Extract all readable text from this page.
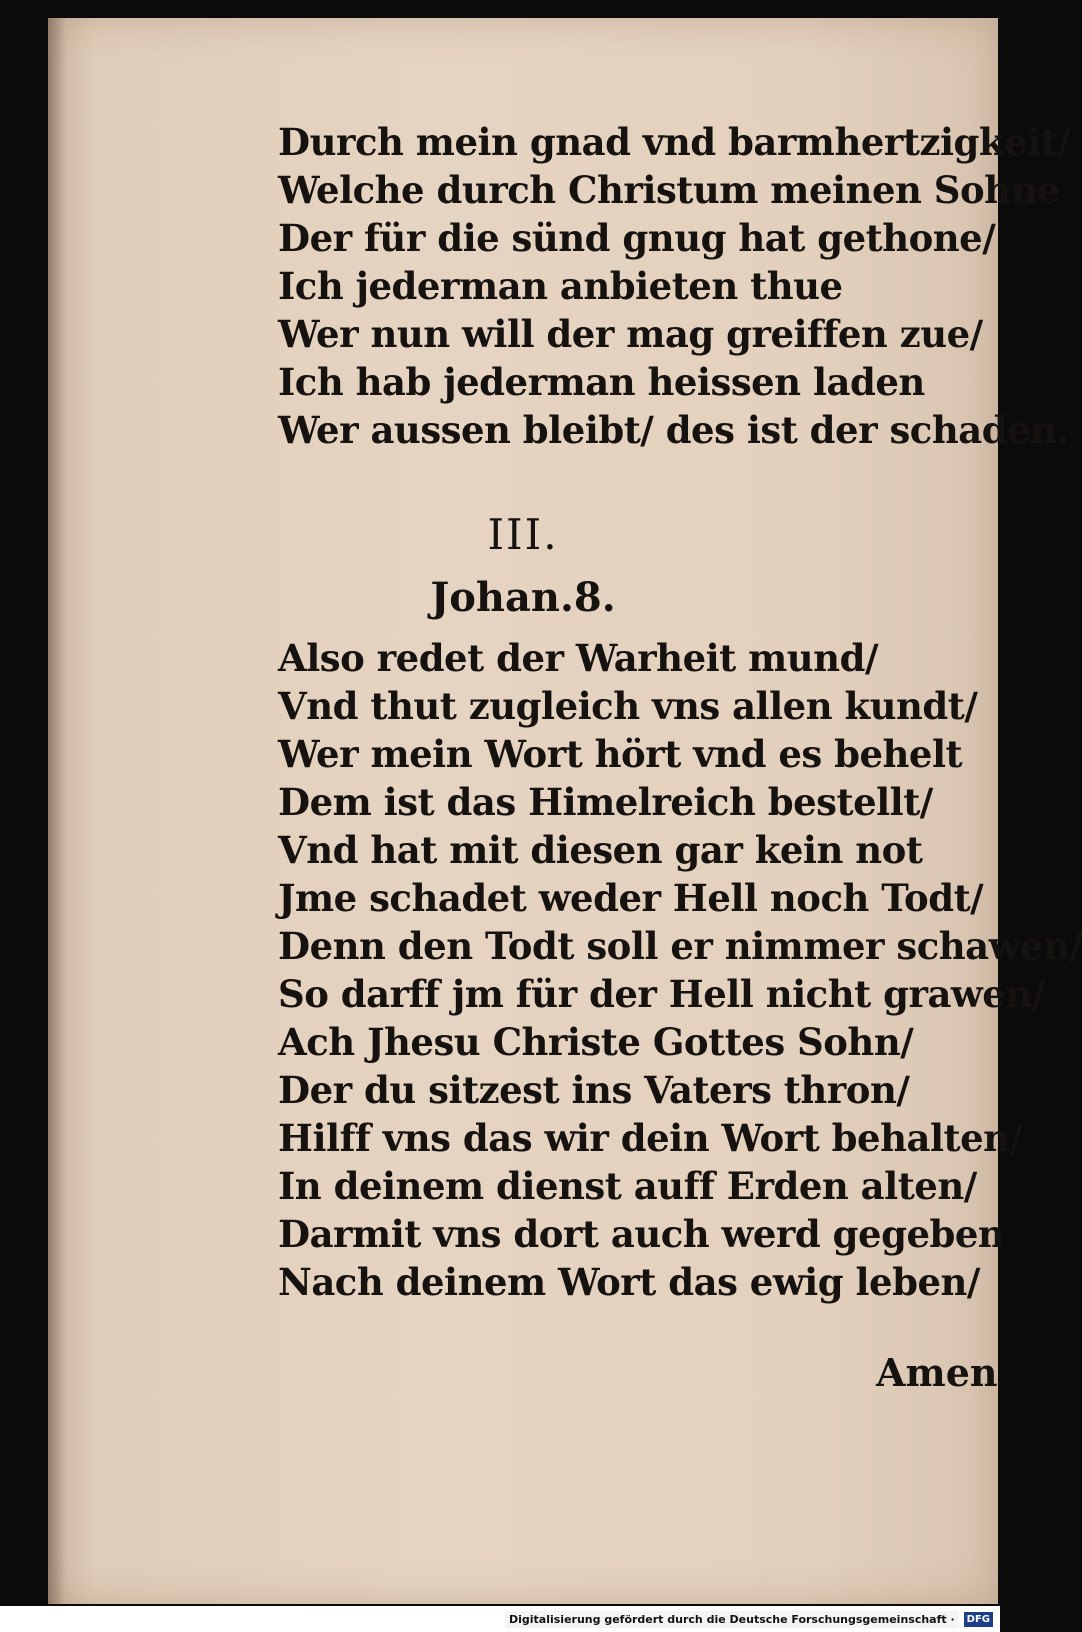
Durch mein gnad vnd barmhertzigkeit/
Welche durch Christum meinen Sohne
Der für die sünd gnug hat gethone/
Ich jederman anbieten thue
Wer nun will der mag greiffen zue/
Ich hab jederman heissen laden
Wer aussen bleibt/ des ist der schaden.
III.
Johan.8.
Also redet der Warheit mund/
Vnd thut zugleich vns allen kundt/
Wer mein Wort hört vnd es behelt
Dem ist das Himelreich bestellt/
Vnd hat mit diesen gar kein not
Jme schadet weder Hell noch Todt/
Denn den Todt soll er nimmer schawen/
So darff jm für der Hell nicht grawen/
Ach Jhesu Christe Gottes Sohn/
Der du sitzest ins Vaters thron/
Hilff vns das wir dein Wort behalten/
In deinem dienst auff Erden alten/
Darmit vns dort auch werd gegeben
Nach deinem Wort das ewig leben/
Amen
Digitalisierung gefördert durch die Deutsche Forschungsgemeinschaft ·	DFG
